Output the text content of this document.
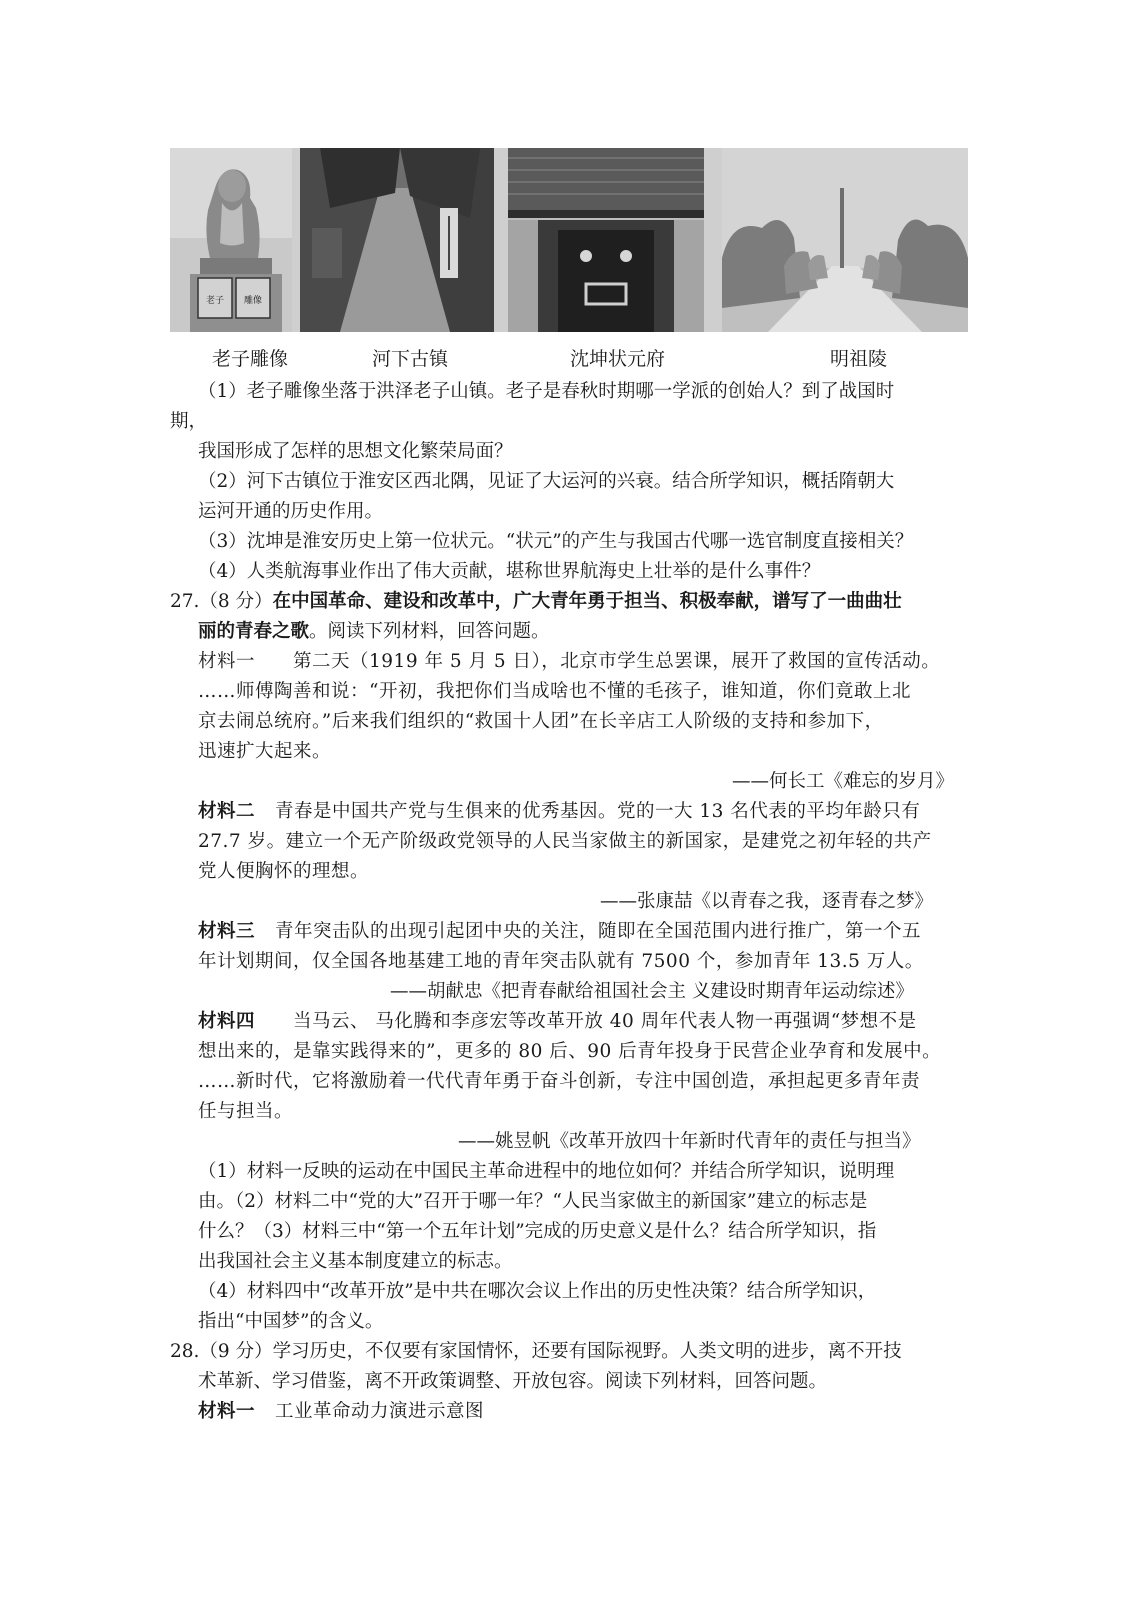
老子 雕像
老子雕像	河下古镇	沈坤状元府	明祖陵
（1）老子雕像坐落于洪泽老子山镇。老子是春秋时期哪一学派的创始人？到了战国时
期，
我国形成了怎样的思想文化繁荣局面？
（2）河下古镇位于淮安区西北隅，见证了大运河的兴衰。结合所学知识，概括隋朝大
运河开通的历史作用。
（3）沈坤是淮安历史上第一位状元。“状元”的产生与我国古代哪一选官制度直接相关？
（4）人类航海事业作出了伟大贡献，堪称世界航海史上壮举的是什么事件？
27.（8 分）在中国革命、建设和改革中，广大青年勇于担当、积极奉献，谱写了一曲曲壮
丽的青春之歌。阅读下列材料，回答问题。
材料一 第二天（1919 年 5 月 5 日），北京市学生总罢课，展开了救国的宣传活动。
……师傅陶善和说：“开初，我把你们当成啥也不懂的毛孩子，谁知道，你们竟敢上北
京去闹总统府。”后来我们组织的“救国十人团”在长辛店工人阶级的支持和参加下，
迅速扩大起来。
——何长工《难忘的岁月》
材料二 青春是中国共产党与生俱来的优秀基因。党的一大 13 名代表的平均年龄只有
27.7 岁。建立一个无产阶级政党领导的人民当家做主的新国家，是建党之初年轻的共产
党人便胸怀的理想。
——张康喆《以青春之我，逐青春之梦》
材料三 青年突击队的出现引起团中央的关注，随即在全国范围内进行推广，第一个五
年计划期间，仅全国各地基建工地的青年突击队就有 7500 个，参加青年 13.5 万人。
——胡献忠《把青春献给祖国社会主 义建设时期青年运动综述》
材料四 当马云、 马化腾和李彦宏等改革开放 40 周年代表人物一再强调“梦想不是
想出来的，是靠实践得来的”，更多的 80 后、90 后青年投身于民营企业孕育和发展中。
……新时代，它将激励着一代代青年勇于奋斗创新，专注中国创造，承担起更多青年责
任与担当。
——姚昱帆《改革开放四十年新时代青年的责任与担当》
（1）材料一反映的运动在中国民主革命进程中的地位如何？并结合所学知识，说明理
由。（2）材料二中“党的大”召开于哪一年？“人民当家做主的新国家”建立的标志是
什么？（3）材料三中“第一个五年计划”完成的历史意义是什么？结合所学知识，指
出我国社会主义基本制度建立的标志。
（4）材料四中“改革开放”是中共在哪次会议上作出的历史性决策？结合所学知识，
指出“中国梦”的含义。
28.（9 分）学习历史，不仅要有家国情怀，还要有国际视野。人类文明的进步，离不开技
术革新、学习借鉴，离不开政策调整、开放包容。阅读下列材料，回答问题。
材料一 工业革命动力演进示意图
